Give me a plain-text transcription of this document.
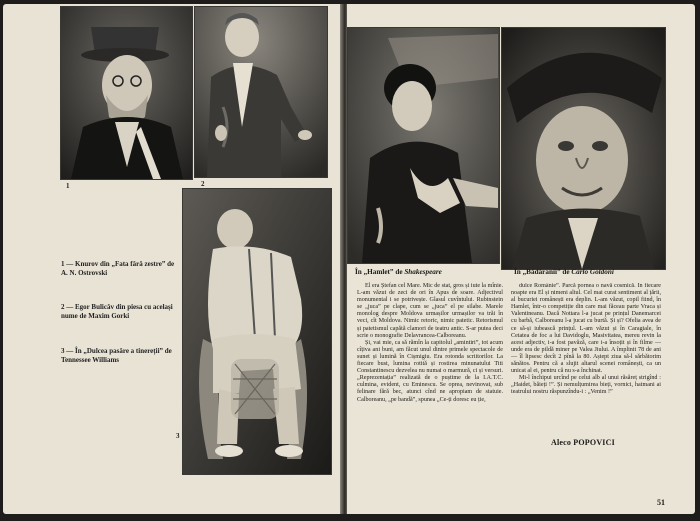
1	2
3
1 — Knurov din „Fata fără zestre” de A. N. Ostrovski
2 — Egor Bulicăv din piesa cu același nume de Maxim Gorki
3 — În „Dulcea pasăre a tinereții” de Tennessee Williams
În „Hamlet” de Shakespeare	În „Bădăranii” de Carlo Goldoni

El era Ștefan cel Mare. Mic de stat, gros și iute la mînie. L-am văzut de zeci de ori în Apus de soare. Adjectivul monumental i se potrivește. Glasul cuvîntului. Rubinstein se „juca” pe clape, cum se „juca” el pe silabe. Marele monolog despre Moldova urmașilor urmașilor va trăi în veci, cît Moldova. Nimic retoric, nimic patetic. Retorismul și patetismul capătă clamori de teatru antic. S-ar putea deci scrie o monografie Delavrancea-Calboreanu.

Și, vai mie, ca să rămîn la capitolul „amintiri”, tot acum cîțiva ani buni, am făcut unul dintre primele spectacole de sunet și lumină în Cișmigiu. Era rotonda scriitorilor. La fiecare bust, lumina rotită și rostirea minunatului Titi Constantinescu dezvelea nu numai o marmură, ci și versuri. „Reprezentația” realizată de o puștime de la I.A.T.C. culmina, evident, cu Eminescu. Se oprea, nevinovat, sub felinare fără bec, atunci cînd ne apropiam de statuie. Calboreanu, „pe bandă”, spunea „Ce-ți doresc eu ție,

dulce Românie”. Parcă pornea o navă cosmică. În fiecare noapte era El și nimeni altul. Cel mai curat sentiment al țării, al bucuriei românești era deplin. L-am văzut, copil fiind, în Hamlet, într-o competiție din care mai făceau parte Vraca și Valentineanu. Dacă Nottara l-a jucat pe prințul Danemarcei cu barbă, Calboreanu l-a jucat cu burtă. Și și? Ofelia avea de ce să-și iubească prințul. L-am văzut și în Caragiale, în Cetatea de foc a lui Davidoglu, Masivitatea, mereu revin la acest adjectiv, i-a fost pavăză, care i-a însoțit și în filme — unde era de pildă miner pe Valea Jiului. A împlinit 78 de ani — îl lipsesc decît 2 pînă la 80. Aștept ziua să-l sărbătorim sănătos. Pentru că a slujit altarul scenei românești, ca un unicat al ei, pentru că nu s-a închinat.

Mi-l închipui urcînd pe celui alb al unui răsăreț strigînd : „Haidet, băieți !”. Și nemulțumirea bieți, vornici, hatmani ai teatrului nostru răspunzîndu-i : „Venim !”

Aleco POPOVICI
51
